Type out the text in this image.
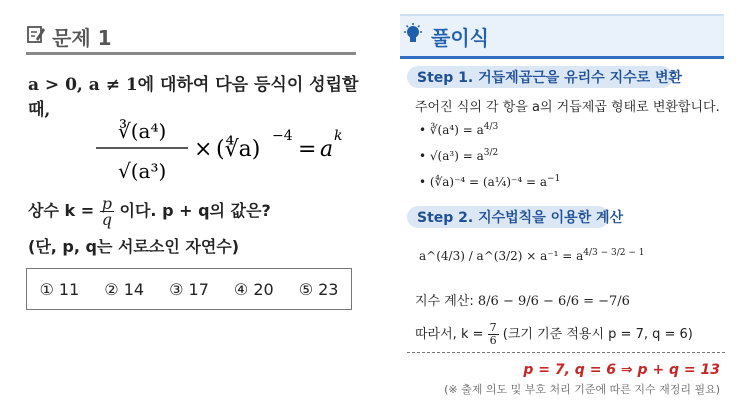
문제 1
a > 0, a ≠ 1에 대하여 다음 등식이 성립할 때,
∛(a⁴)
√(a³)
× (∜a)
−4
= a
k
상수 $k = \frac{p}{q}$ 이다. p + q의 값은?
(단, p, q는 서로소인 자연수)
① 11 ② 14 ③ 17 ④ 20 ⑤ 23
풀이식
Step 1. 거듭제곱근을 유리수 지수로 변환
주어진 식의 각 항을 a의 거듭제곱 형태로 변환합니다.
• ∛(a⁴) = $a^{4/3}$
• $√(a^3) = a^{3/2}$
• (∜a)⁻⁴ = (a¼)⁻⁴ = $a^{-1}$
Step 2. 지수법칙을 이용한 계산
a^(4/3) / a^(3/2) × $a^{-1} = a^{4/3 - 3/2 - 1}$
지수 계산: 8/6 − 9/6 − 6/6 = −7/6
따라서, $k = \frac{7}{6}$ (크기 기준 적용시 p = 7, q = 6)
p = 7, q = 6 ⇒ p + q = 13
(※ 출제 의도 및 부호 처리 기준에 따른 지수 재정리 필요)
